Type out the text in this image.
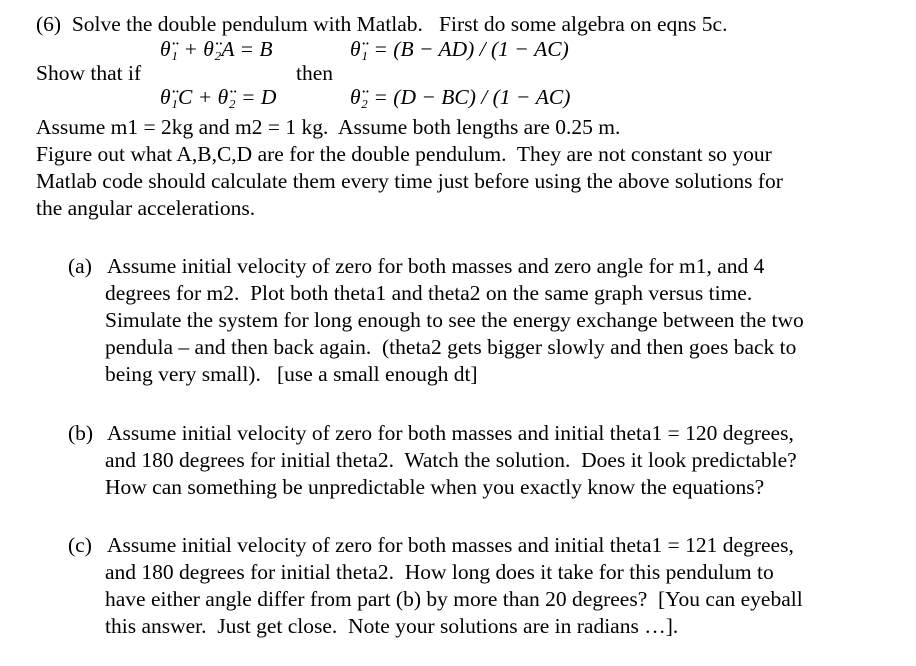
(6)  Solve the double pendulum with Matlab.   First do some algebra on eqns 5c.
Show that if
θ̈₁ + θ̈₂A = B
θ̈₁C + θ̈₂ = D
then
θ̈₁ = (B − AD) / (1 − AC)
θ̈₂ = (D − BC) / (1 − AC)
Assume m1 = 2kg and m2 = 1 kg.  Assume both lengths are 0.25 m.
Figure out what A,B,C,D are for the double pendulum.  They are not constant so your
Matlab code should calculate them every time just before using the above solutions for
the angular accelerations.
(a) Assume initial velocity of zero for both masses and zero angle for m1, and 4
degrees for m2.  Plot both theta1 and theta2 on the same graph versus time.
Simulate the system for long enough to see the energy exchange between the two
pendula – and then back again.  (theta2 gets bigger slowly and then goes back to
being very small).   [use a small enough dt]
(b) Assume initial velocity of zero for both masses and initial theta1 = 120 degrees,
and 180 degrees for initial theta2.  Watch the solution.  Does it look predictable?
How can something be unpredictable when you exactly know the equations?
(c) Assume initial velocity of zero for both masses and initial theta1 = 121 degrees,
and 180 degrees for initial theta2.  How long does it take for this pendulum to
have either angle differ from part (b) by more than 20 degrees?  [You can eyeball
this answer.  Just get close.  Note your solutions are in radians …].
